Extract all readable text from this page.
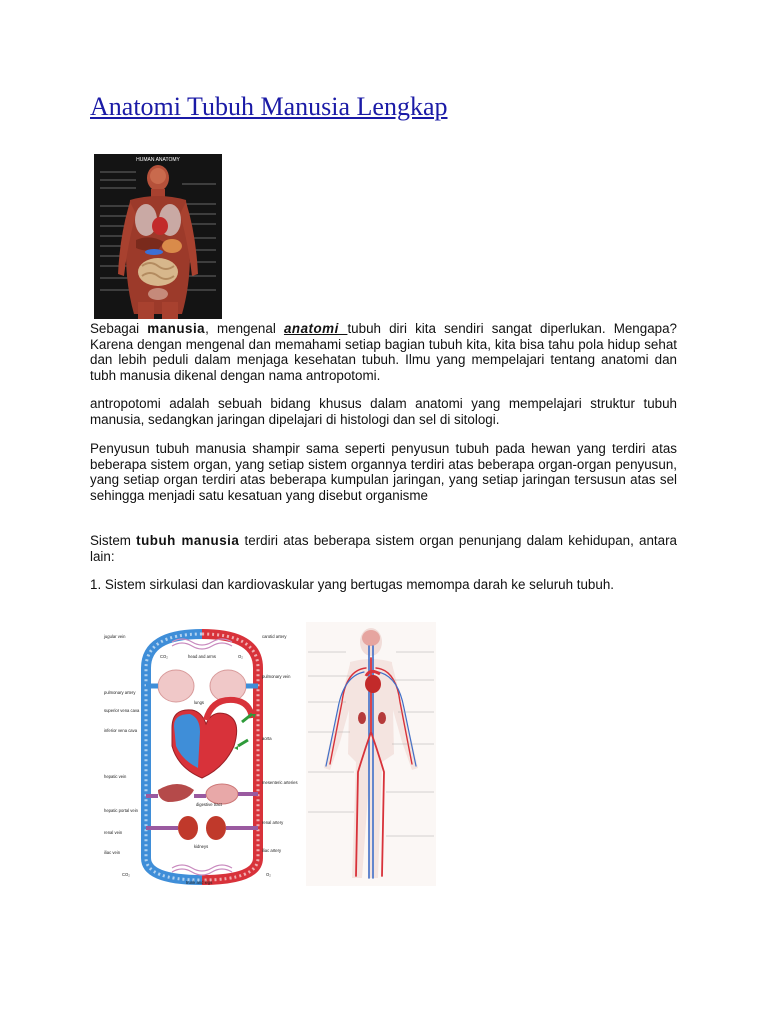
Anatomi Tubuh Manusia Lengkap
HUMAN ANATOMY

Sebagai manusia, mengenal anatomi tubuh diri kita sendiri sangat diperlukan. Mengapa? Karena dengan mengenal dan memahami setiap bagian tubuh kita, kita bisa tahu pola hidup sehat dan lebih peduli dalam menjaga kesehatan tubuh. Ilmu yang mempelajari tentang anatomi dan tubh manusia dikenal dengan nama antropotomi.

antropotomi adalah sebuah bidang khusus dalam anatomi yang mempelajari struktur tubuh manusia, sedangkan jaringan dipelajari di histologi dan sel di sitologi.

Penyusun tubuh manusia shampir sama seperti penyusun tubuh pada hewan yang terdiri atas beberapa sistem organ, yang setiap sistem organnya terdiri atas beberapa organ-organ penyusun, yang setiap organ terdiri atas beberapa kumpulan jaringan, yang setiap jaringan tersusun atas sel sehingga menjadi satu kesatuan yang disebut organisme

Sistem tubuh manusia terdiri atas beberapa sistem organ penunjang dalam kehidupan, antara lain:

1. Sistem sirkulasi dan kardiovaskular yang bertugas memompa darah ke seluruh tubuh.

head and arms
CO₂	O₂
lungs
aorta
digestive tract
kidneys
trunk and legs
CO₂	O₂
jugular vein
pulmonary artery
superior vena cava
inferior vena cava
hepatic vein
hepatic portal vein
renal vein
iliac vein
carotid artery
pulmonary vein
mesenteric arteries
renal artery
iliac artery
